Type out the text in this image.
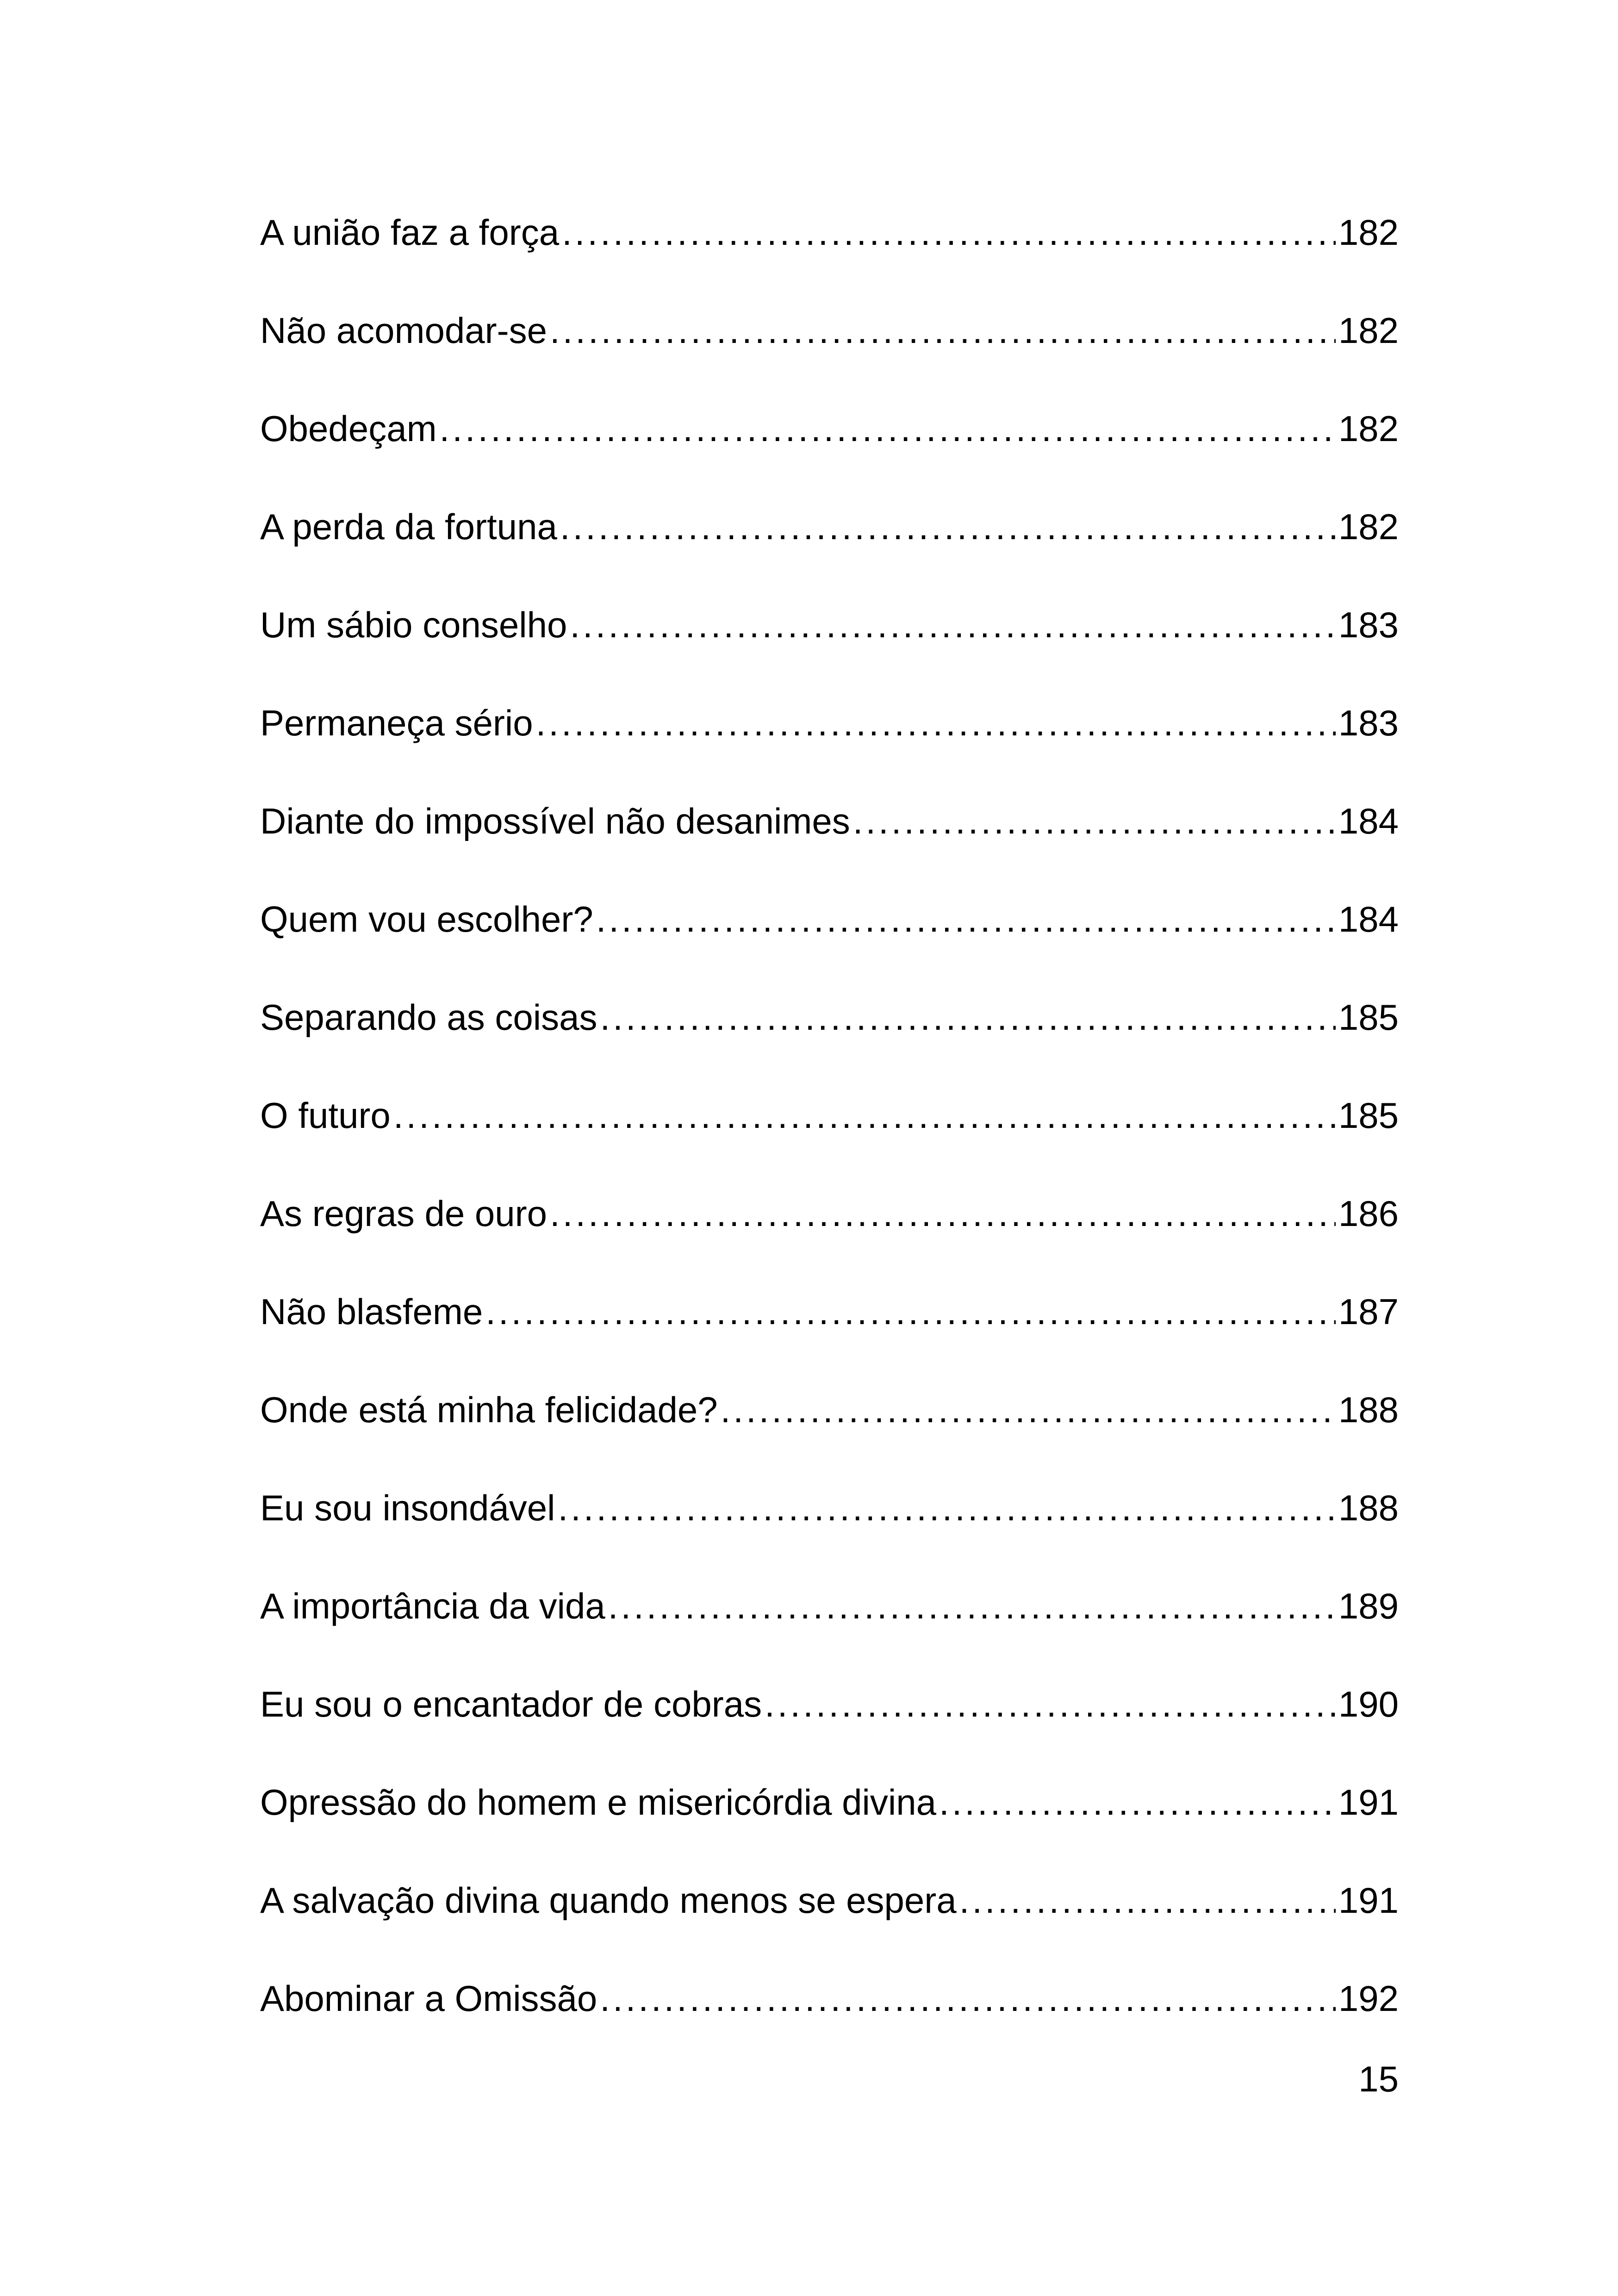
A união faz a força .....	182
Não acomodar-se .....	182
Obedeçam .....	182
A perda da fortuna .....	182
Um sábio conselho .....	183
Permaneça sério .....	183
Diante do impossível não desanimes .....	184
Quem vou escolher? .....	184
Separando as coisas .....	185
O futuro .....	185
As regras de ouro .....	186
Não blasfeme .....	187
Onde está minha felicidade? .....	188
Eu sou insondável .....	188
A importância da vida .....	189
Eu sou o encantador de cobras .....	190
Opressão do homem e misericórdia divina .....	191
A salvação divina quando menos se espera .....	191
Abominar a Omissão .....	192
15
